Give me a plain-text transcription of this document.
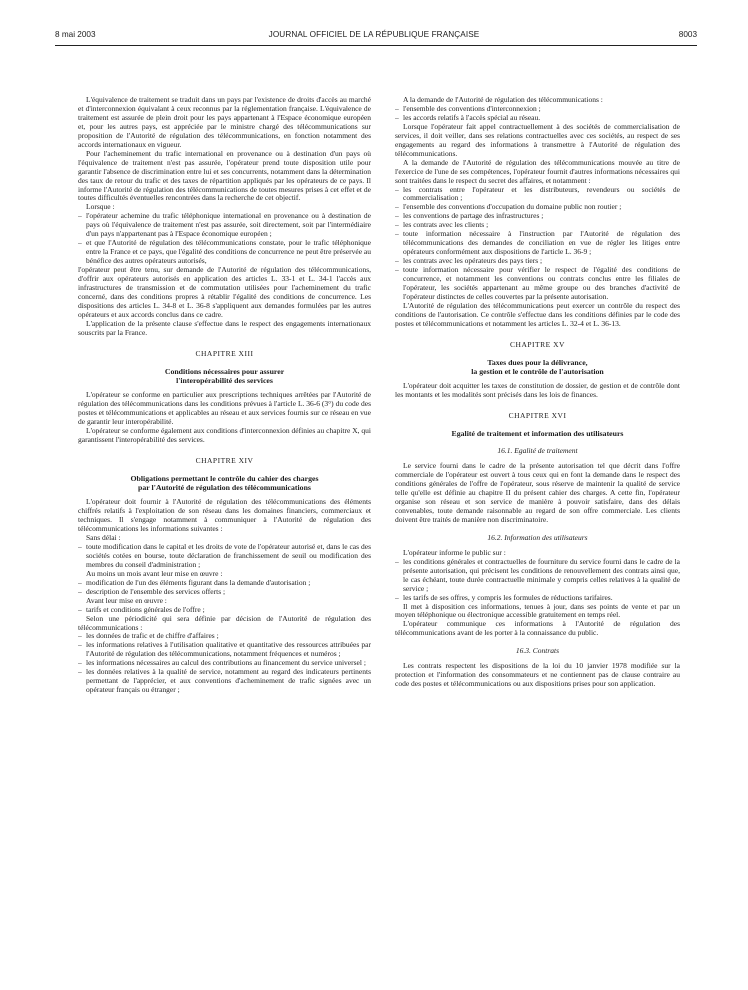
8 mai 2003	JOURNAL OFFICIEL DE LA RÉPUBLIQUE FRANÇAISE	8003

L'équivalence de traitement se traduit dans un pays par l'existence de droits d'accès au marché et d'interconnexion équivalant à ceux reconnus par la réglementation française. L'équivalence de traitement est assurée de plein droit pour les pays appartenant à l'Espace économique européen et, pour les autres pays, est appréciée par le ministre chargé des télécommunications sur proposition de l'Autorité de régulation des télécommunications, en fonction notamment des accords internationaux en vigueur.

Pour l'acheminement du trafic international en provenance ou à destination d'un pays où l'équivalence de traitement n'est pas assurée, l'opérateur prend toute disposition utile pour garantir l'absence de discrimination entre lui et ses concurrents, notamment dans la détermination des taux de retour du trafic et des taxes de répartition appliqués par les opérateurs de ce pays. Il informe l'Autorité de régulation des télécommunications de toutes mesures prises à cet effet et de toutes difficultés éventuelles rencontrées dans la recherche de cet objectif.

Lorsque :

– l'opérateur achemine du trafic téléphonique international en provenance ou à destination de pays où l'équivalence de traitement n'est pas assurée, soit directement, soit par l'intermédiaire d'un pays n'appartenant pas à l'Espace économique européen ;

– et que l'Autorité de régulation des télécommunications constate, pour le trafic téléphonique entre la France et ce pays, que l'égalité des conditions de concurrence ne peut être préservée au bénéfice des autres opérateurs autorisés,

l'opérateur peut être tenu, sur demande de l'Autorité de régulation des télécommunications, d'offrir aux opérateurs autorisés en application des articles L. 33-1 et L. 34-1 l'accès aux infrastructures de transmission et de commutation utilisées pour l'acheminement du trafic concerné, dans des conditions propres à rétablir l'égalité des conditions de concurrence. Les dispositions des articles L. 34-8 et L. 36-8 s'appliquent aux demandes formulées par les autres opérateurs et aux accords conclus dans ce cadre.

L'application de la présente clause s'effectue dans le respect des engagements internationaux souscrits par la France.

CHAPITRE XIII
Conditions nécessaires pour assurer
l'interopérabilité des services

L'opérateur se conforme en particulier aux prescriptions techniques arrêtées par l'Autorité de régulation des télécommunications dans les conditions prévues à l'article L. 36-6 (3°) du code des postes et télécommunications et applicables au réseau et aux services fournis sur ce réseau en vue de garantir leur interopérabilité.

L'opérateur se conforme également aux conditions d'interconnexion définies au chapitre X, qui garantissent l'interopérabilité des services.

CHAPITRE XIV
Obligations permettant le contrôle du cahier des charges
par l'Autorité de régulation des télécommunications

L'opérateur doit fournir à l'Autorité de régulation des télécommunications des éléments chiffrés relatifs à l'exploitation de son réseau dans les domaines financiers, commerciaux et techniques. Il s'engage notamment à communiquer à l'Autorité de régulation des télécommunications les informations suivantes :

Sans délai :

– toute modification dans le capital et les droits de vote de l'opérateur autorisé et, dans le cas des sociétés cotées en bourse, toute déclaration de franchissement de seuil ou modification des membres du conseil d'administration ;

Au moins un mois avant leur mise en œuvre :

– modification de l'un des éléments figurant dans la demande d'autorisation ;

– description de l'ensemble des services offerts ;

Avant leur mise en œuvre :

– tarifs et conditions générales de l'offre ;

Selon une périodicité qui sera définie par décision de l'Autorité de régulation des télécommunications :

– les données de trafic et de chiffre d'affaires ;

– les informations relatives à l'utilisation qualitative et quantitative des ressources attribuées par l'Autorité de régulation des télécommunications, notamment fréquences et numéros ;

– les informations nécessaires au calcul des contributions au financement du service universel ;

– les données relatives à la qualité de service, notamment au regard des indicateurs pertinents permettant de l'apprécier, et aux conventions d'acheminement de trafic signées avec un opérateur français ou étranger ;

A la demande de l'Autorité de régulation des télécommunications :

– l'ensemble des conventions d'interconnexion ;

– les accords relatifs à l'accès spécial au réseau.

Lorsque l'opérateur fait appel contractuellement à des sociétés de commercialisation de services, il doit veiller, dans ses relations contractuelles avec ces sociétés, au respect de ses engagements au regard des informations à transmettre à l'Autorité de régulation des télécommunications.

A la demande de l'Autorité de régulation des télécommunications mouvée au titre de l'exercice de l'une de ses compétences, l'opérateur fournit d'autres informations nécessaires qui sont traitées dans le respect du secret des affaires, et notamment :

– les contrats entre l'opérateur et les distributeurs, revendeurs ou sociétés de commercialisation ;

– l'ensemble des conventions d'occupation du domaine public non routier ;

– les conventions de partage des infrastructures ;

– les contrats avec les clients ;

– toute information nécessaire à l'instruction par l'Autorité de régulation des télécommunications des demandes de conciliation en vue de régler les litiges entre opérateurs conformément aux dispositions de l'article L. 36-9 ;

– les contrats avec les opérateurs des pays tiers ;

– toute information nécessaire pour vérifier le respect de l'égalité des conditions de concurrence, et notamment les conventions ou contrats conclus entre les filiales de l'opérateur, les sociétés appartenant au même groupe ou des branches d'activité de l'opérateur distinctes de celles couvertes par la présente autorisation.

L'Autorité de régulation des télécommunications peut exercer un contrôle du respect des conditions de l'autorisation. Ce contrôle s'effectue dans les conditions définies par le code des postes et télécommunications et notamment les articles L. 32-4 et L. 36-13.

CHAPITRE XV
Taxes dues pour la délivrance,
la gestion et le contrôle de l'autorisation

L'opérateur doit acquitter les taxes de constitution de dossier, de gestion et de contrôle dont les montants et les modalités sont précisés dans les lois de finances.

CHAPITRE XVI
Egalité de traitement et information des utilisateurs
16.1. Egalité de traitement

Le service fourni dans le cadre de la présente autorisation tel que décrit dans l'offre commerciale de l'opérateur est ouvert à tous ceux qui en font la demande dans le respect des conditions générales de l'offre de l'opérateur, sous réserve de maintenir la qualité de service telle qu'elle est définie au chapitre II du présent cahier des charges. A cette fin, l'opérateur organise son réseau et son service de manière à pouvoir satisfaire, dans des délais convenables, toute demande raisonnable au regard de son offre commerciale. Les clients doivent être traités de manière non discriminatoire.

16.2. Information des utilisateurs

L'opérateur informe le public sur :

– les conditions générales et contractuelles de fourniture du service fourni dans le cadre de la présente autorisation, qui précisent les conditions de renouvellement des contrats ainsi que, le cas échéant, toute durée contractuelle minimale y compris celles relatives à la qualité de service ;

– les tarifs de ses offres, y compris les formules de réductions tarifaires.

Il met à disposition ces informations, tenues à jour, dans ses points de vente et par un moyen téléphonique ou électronique accessible gratuitement en temps réel.

L'opérateur communique ces informations à l'Autorité de régulation des télécommunications avant de les porter à la connaissance du public.

16.3. Contrats

Les contrats respectent les dispositions de la loi du 10 janvier 1978 modifiée sur la protection et l'information des consommateurs et ne contiennent pas de clause contraire au code des postes et télécommunications ou aux dispositions prises pour son application.
